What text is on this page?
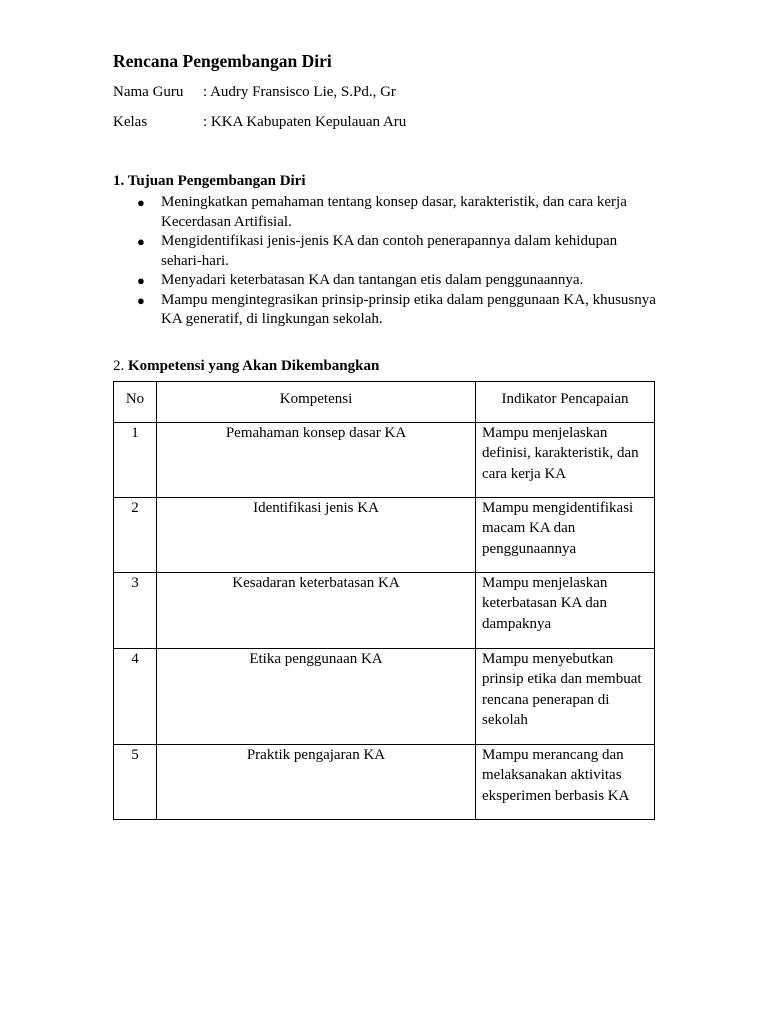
Rencana Pengembangan Diri
Nama Guru	: Audry Fransisco Lie, S.Pd., Gr
Kelas	: KKA Kabupaten Kepulauan Aru
1. Tujuan Pengembangan Diri
● Meningkatkan pemahaman tentang konsep dasar, karakteristik, dan cara kerja Kecerdasan Artifisial.
● Mengidentifikasi jenis-jenis KA dan contoh penerapannya dalam kehidupan sehari-hari.
● Menyadari keterbatasan KA dan tantangan etis dalam penggunaannya.
● Mampu mengintegrasikan prinsip-prinsip etika dalam penggunaan KA, khususnya KA generatif, di lingkungan sekolah.
2. Kompetensi yang Akan Dikembangkan
No	Kompetensi	Indikator Pencapaian
1	Pemahaman konsep dasar KA	Mampu menjelaskan definisi, karakteristik, dan cara kerja KA
2	Identifikasi jenis KA	Mampu mengidentifikasi macam KA dan penggunaannya
3	Kesadaran keterbatasan KA	Mampu menjelaskan keterbatasan KA dan dampaknya
4	Etika penggunaan KA	Mampu menyebutkan prinsip etika dan membuat rencana penerapan di sekolah
5	Praktik pengajaran KA	Mampu merancang dan melaksanakan aktivitas eksperimen berbasis KA
